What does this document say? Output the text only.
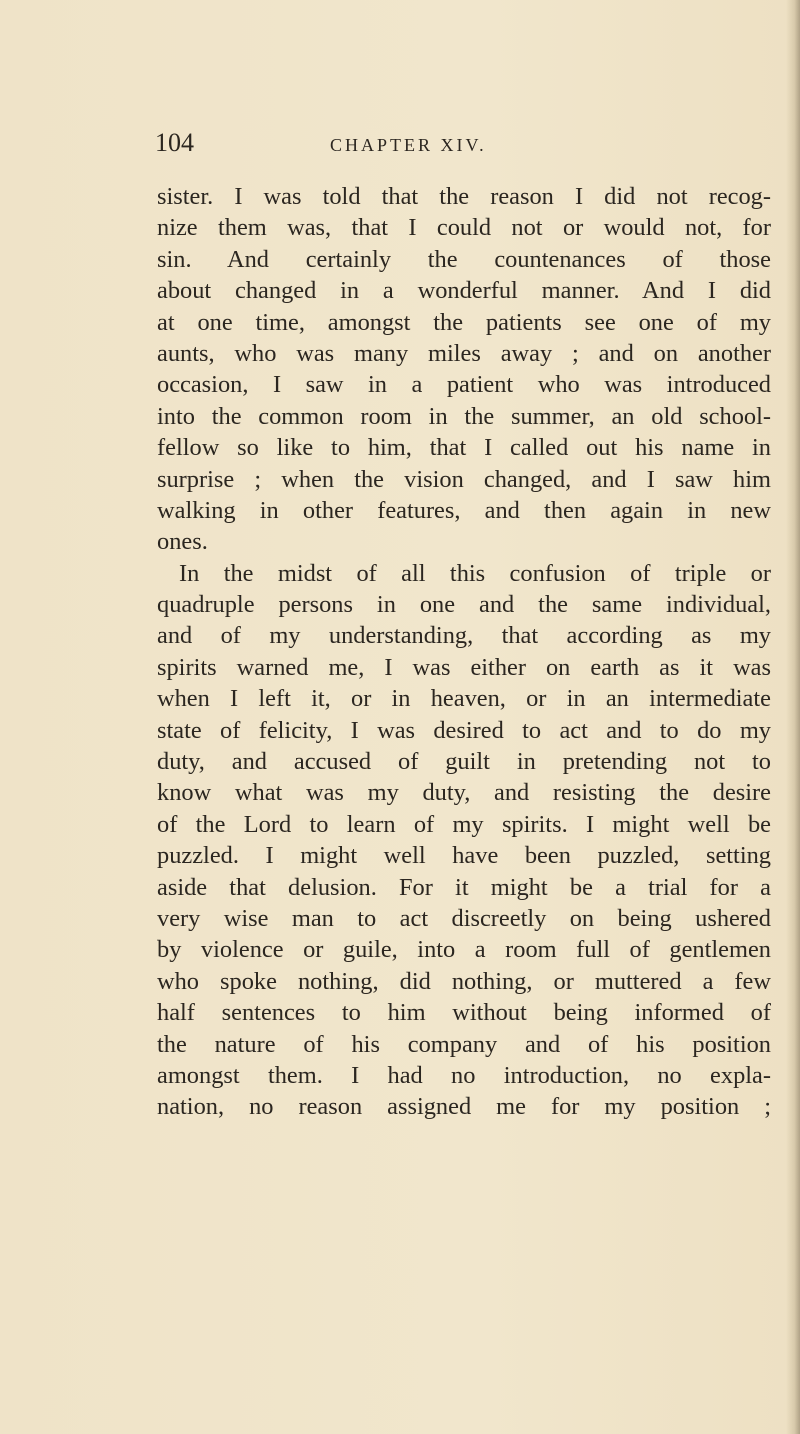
104	CHAPTER XIV.
sister. I was told that the reason I did not recog-
nize them was, that I could not or would not, for
sin. And certainly the countenances of those
about changed in a wonderful manner. And I did
at one time, amongst the patients see one of my
aunts, who was many miles away ; and on another
occasion, I saw in a patient who was introduced
into the common room in the summer, an old school-
fellow so like to him, that I called out his name in
surprise ; when the vision changed, and I saw him
walking in other features, and then again in new
ones.
In the midst of all this confusion of triple or
quadruple persons in one and the same individual,
and of my understanding, that according as my
spirits warned me, I was either on earth as it was
when I left it, or in heaven, or in an intermediate
state of felicity, I was desired to act and to do my
duty, and accused of guilt in pretending not to
know what was my duty, and resisting the desire
of the Lord to learn of my spirits. I might well be
puzzled. I might well have been puzzled, setting
aside that delusion. For it might be a trial for a
very wise man to act discreetly on being ushered
by violence or guile, into a room full of gentlemen
who spoke nothing, did nothing, or muttered a few
half sentences to him without being informed of
the nature of his company and of his position
amongst them. I had no introduction, no expla-
nation, no reason assigned me for my position ;
